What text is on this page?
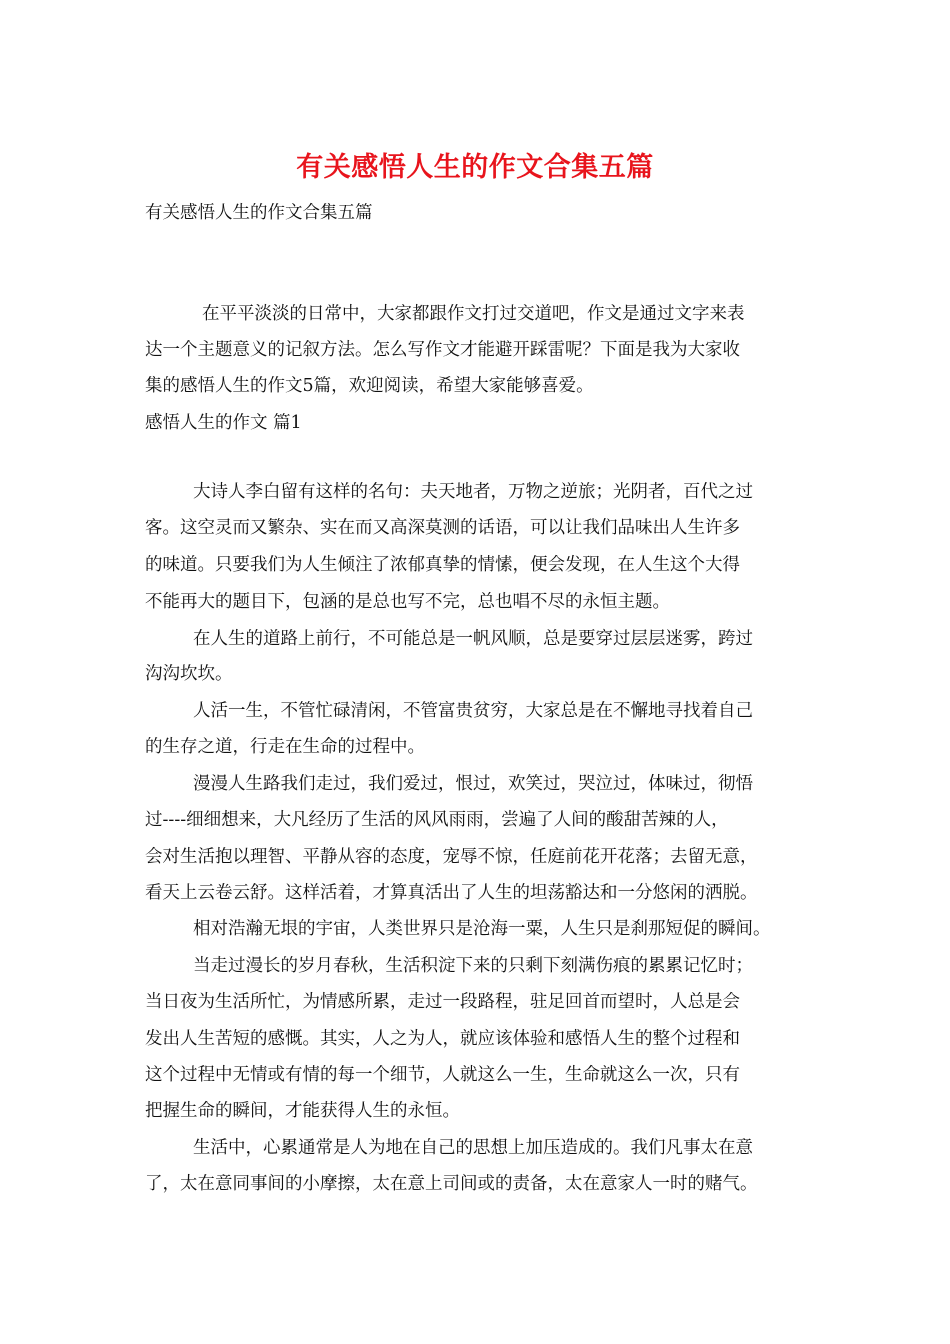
有关感悟人生的作文合集五篇
有关感悟人生的作文合集五篇
在平平淡淡的日常中，大家都跟作文打过交道吧，作文是通过文字来表
达一个主题意义的记叙方法。怎么写作文才能避开踩雷呢？下面是我为大家收
集的感悟人生的作文5篇，欢迎阅读，希望大家能够喜爱。
感悟人生的作文 篇1
大诗人李白留有这样的名句：夫天地者，万物之逆旅；光阴者，百代之过
客。这空灵而又繁杂、实在而又高深莫测的话语，可以让我们品味出人生许多
的味道。只要我们为人生倾注了浓郁真挚的情愫，便会发现，在人生这个大得
不能再大的题目下，包涵的是总也写不完，总也唱不尽的永恒主题。
在人生的道路上前行，不可能总是一帆风顺，总是要穿过层层迷雾，跨过
沟沟坎坎。
人活一生，不管忙碌清闲，不管富贵贫穷，大家总是在不懈地寻找着自己
的生存之道，行走在生命的过程中。
漫漫人生路我们走过，我们爱过，恨过，欢笑过，哭泣过，体味过，彻悟
过----细细想来，大凡经历了生活的风风雨雨，尝遍了人间的酸甜苦辣的人，
会对生活抱以理智、平静从容的态度，宠辱不惊，任庭前花开花落；去留无意，
看天上云卷云舒。这样活着，才算真活出了人生的坦荡豁达和一分悠闲的洒脱。
相对浩瀚无垠的宇宙，人类世界只是沧海一粟，人生只是刹那短促的瞬间。
当走过漫长的岁月春秋，生活积淀下来的只剩下刻满伤痕的累累记忆时；
当日夜为生活所忙，为情感所累，走过一段路程，驻足回首而望时，人总是会
发出人生苦短的感慨。其实，人之为人，就应该体验和感悟人生的整个过程和
这个过程中无情或有情的每一个细节，人就这么一生，生命就这么一次，只有
把握生命的瞬间，才能获得人生的永恒。
生活中，心累通常是人为地在自己的思想上加压造成的。我们凡事太在意
了，太在意同事间的小摩擦，太在意上司间或的责备，太在意家人一时的赌气。
